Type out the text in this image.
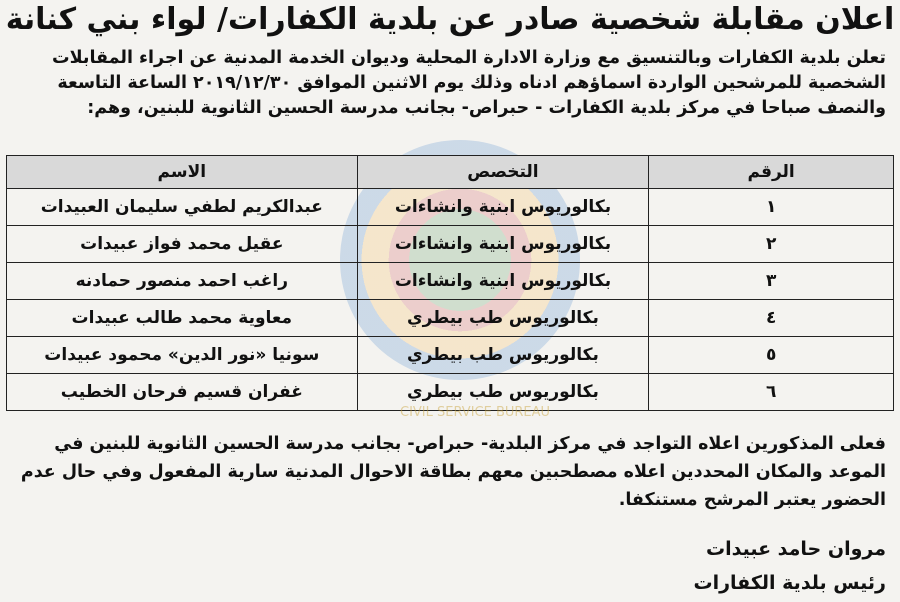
اعلان مقابلة شخصية صادر عن بلدية الكفارات/ لواء بني كنانة
تعلن بلدية الكفارات وبالتنسيق مع وزارة الادارة المحلية وديوان الخدمة المدنية عن اجراء المقابلات
الشخصية للمرشحين الواردة اسماؤهم ادناه وذلك يوم الاثنين الموافق ٢٠١٩/١٢/٣٠ الساعة التاسعة
والنصف صباحا في مركز بلدية الكفارات - حبراص- بجانب مدرسة الحسين الثانوية للبنين، وهم:
الرقم	التخصص	الاسم
١	بكالوريوس ابنية وانشاءات	عبدالكريم لطفي سليمان العبيدات
٢	بكالوريوس ابنية وانشاءات	عقيل محمد فواز عبيدات
٣	بكالوريوس ابنية وانشاءات	راغب احمد منصور حمادنه
٤	بكالوريوس طب بيطري	معاوية محمد طالب عبيدات
٥	بكالوريوس طب بيطري	سونيا «نور الدين» محمود عبيدات
٦	بكالوريوس طب بيطري	غفران قسيم فرحان الخطيب
CIVIL SERVICE BUREAU
فعلى المذكورين اعلاه التواجد في مركز البلدية- حبراص- بجانب مدرسة الحسين الثانوية للبنين في
الموعد والمكان المحددين اعلاه مصطحبين معهم بطاقة الاحوال المدنية سارية المفعول وفي حال عدم
الحضور يعتبر المرشح مستنكفا.
مروان حامد عبيدات
رئيس بلدية الكفارات
